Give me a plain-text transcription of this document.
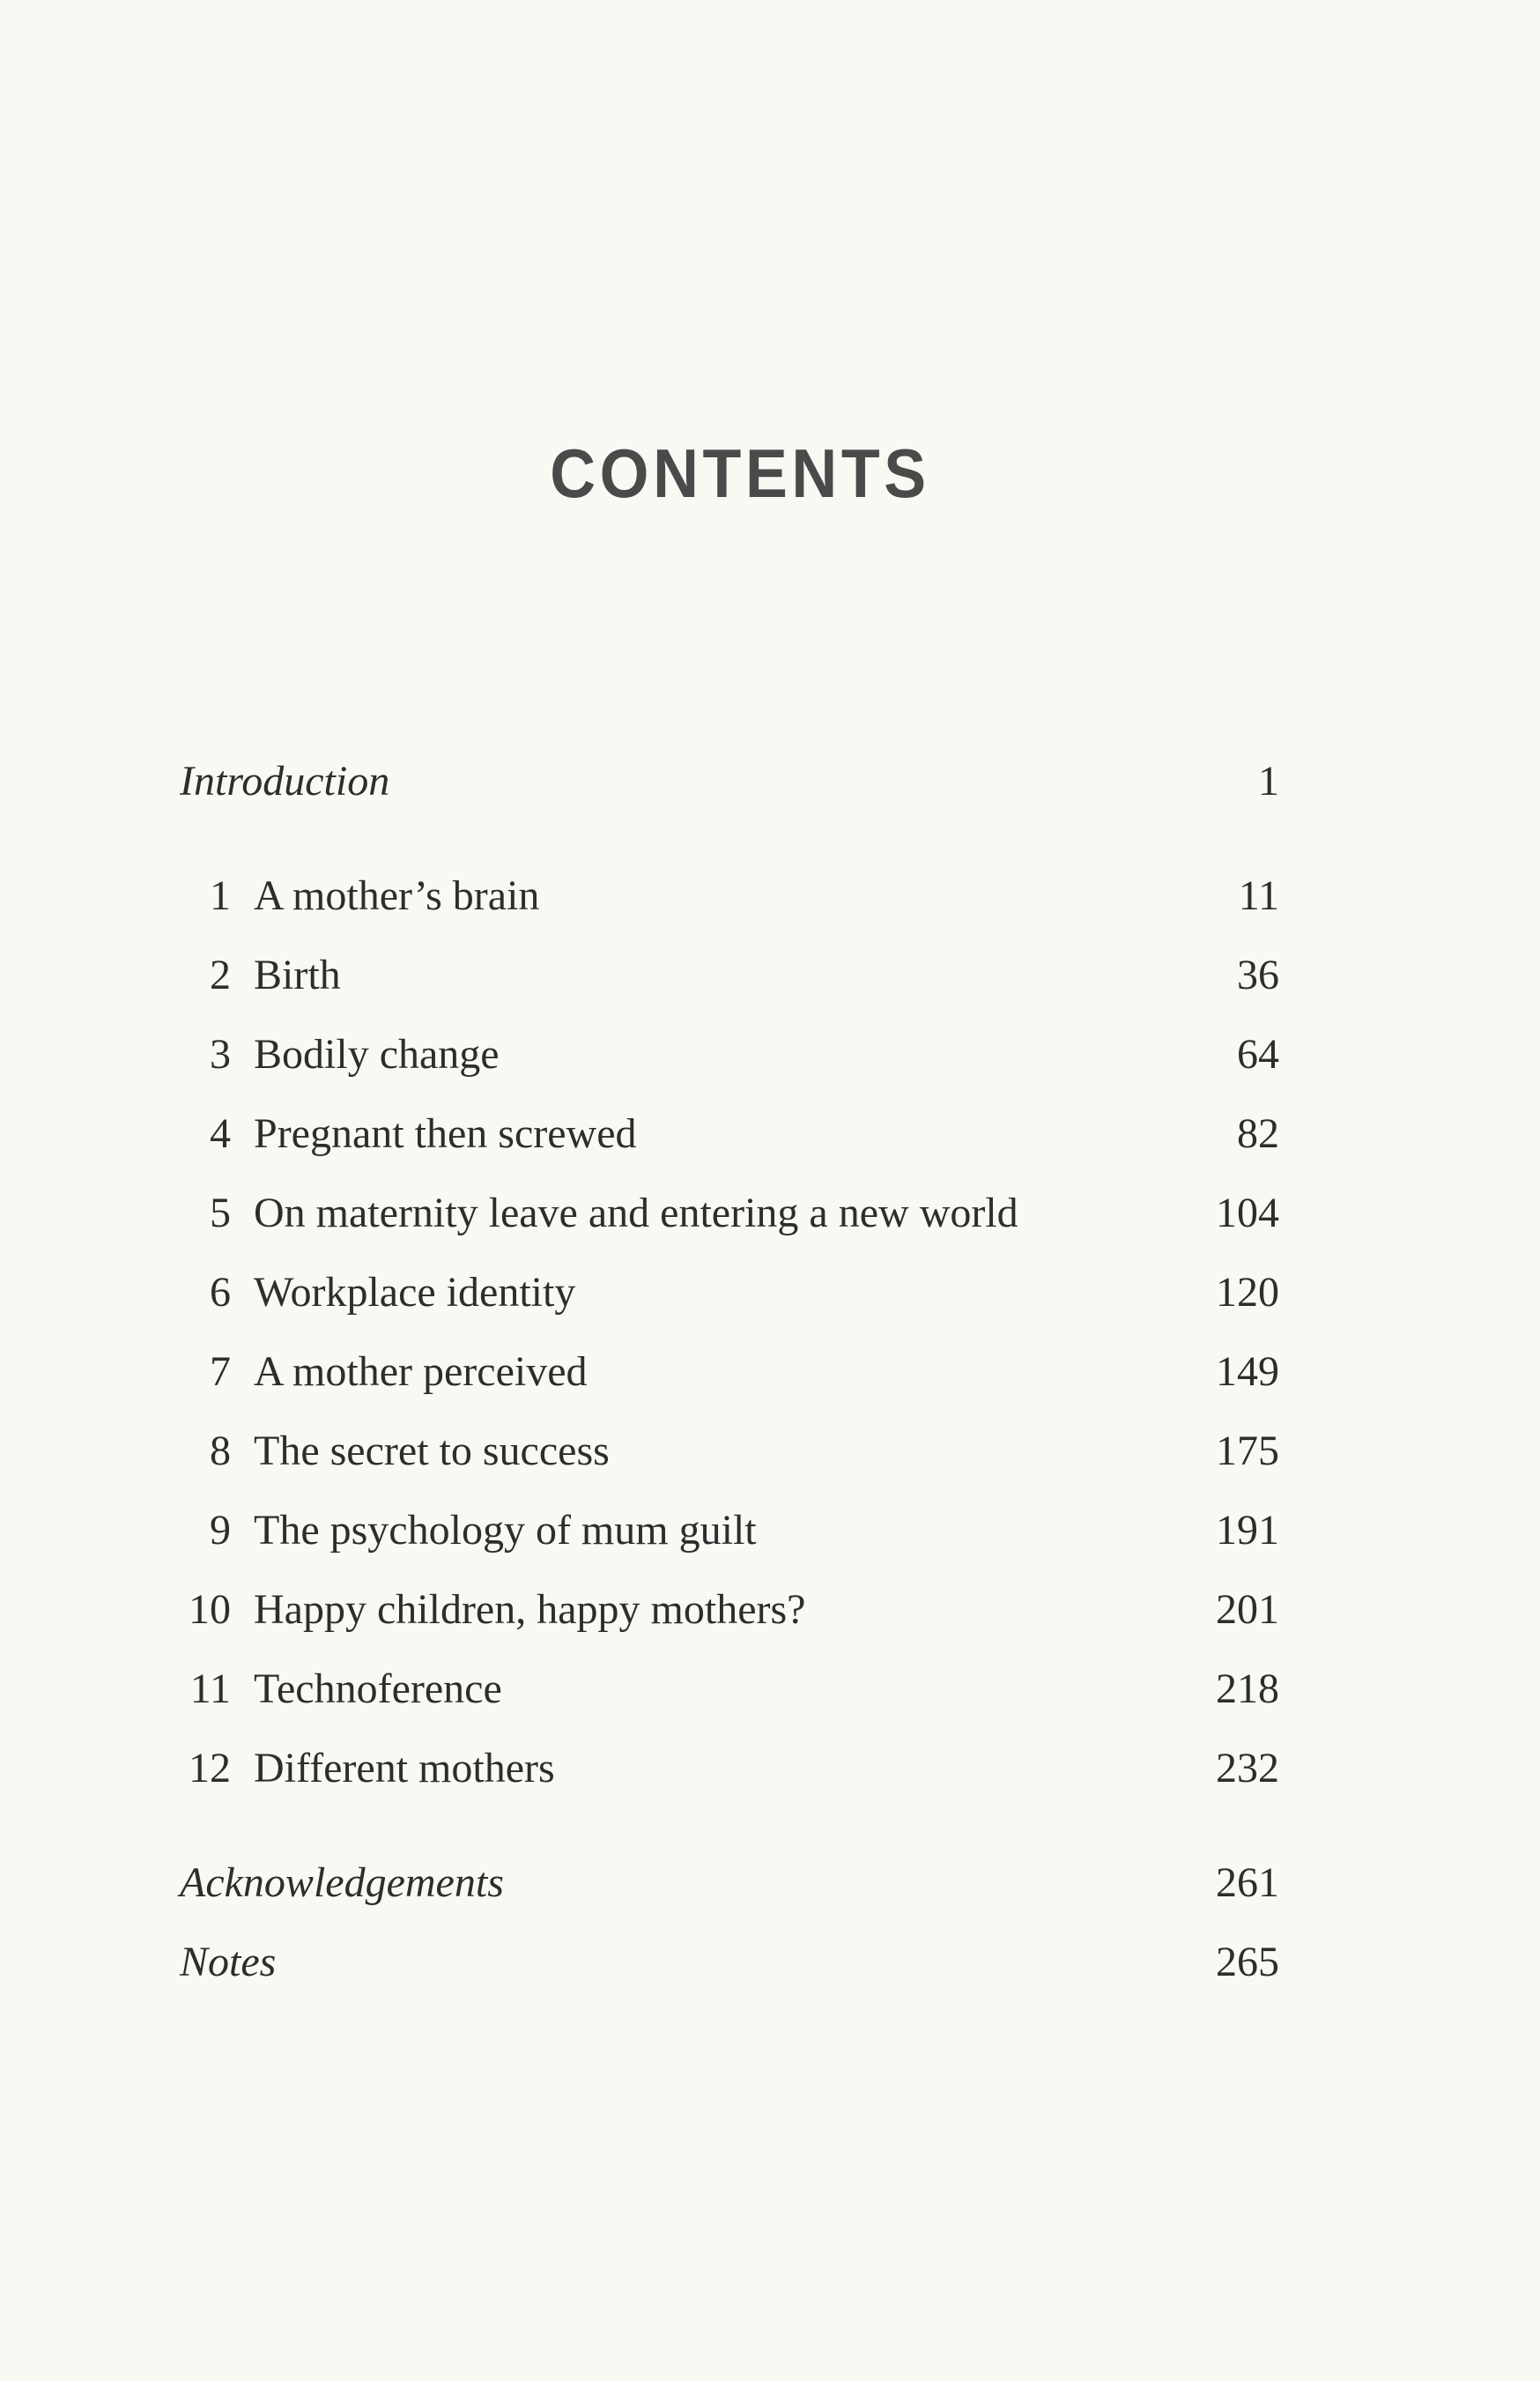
CONTENTS
Introduction	1
1 A mother’s brain	11
2 Birth	36
3 Bodily change	64
4 Pregnant then screwed	82
5 On maternity leave and entering a new world	104
6 Workplace identity	120
7 A mother perceived	149
8 The secret to success	175
9 The psychology of mum guilt	191
10 Happy children, happy mothers?	201
11 Technoference	218
12 Different mothers	232
Acknowledgements	261
Notes	265
